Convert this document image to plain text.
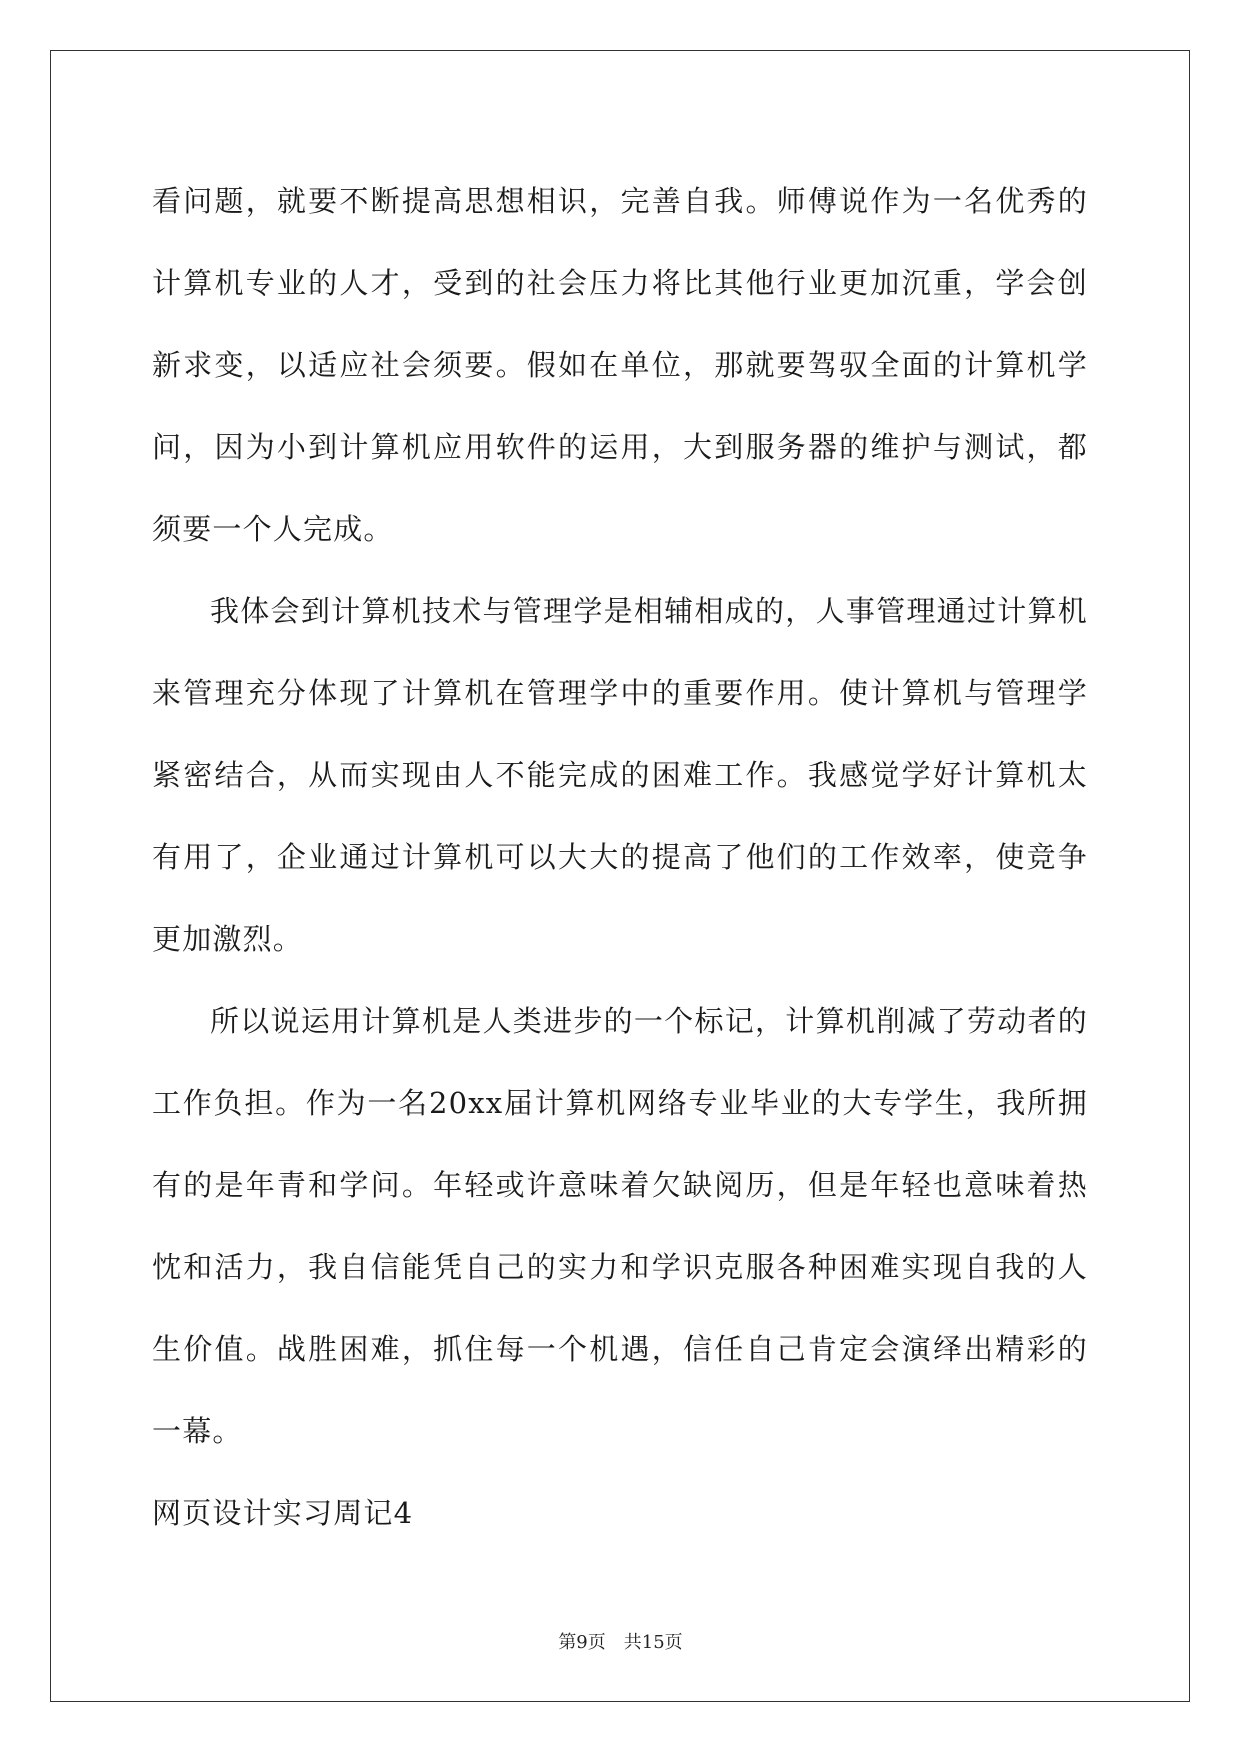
看问题，就要不断提高思想相识，完善自我。师傅说作为一名优秀的计算机专业的人才，受到的社会压力将比其他行业更加沉重，学会创新求变，以适应社会须要。假如在单位，那就要驾驭全面的计算机学问，因为小到计算机应用软件的运用，大到服务器的维护与测试，都须要一个人完成。

我体会到计算机技术与管理学是相辅相成的，人事管理通过计算机来管理充分体现了计算机在管理学中的重要作用。使计算机与管理学紧密结合，从而实现由人不能完成的困难工作。我感觉学好计算机太有用了，企业通过计算机可以大大的提高了他们的工作效率，使竞争更加激烈。

所以说运用计算机是人类进步的一个标记，计算机削减了劳动者的工作负担。作为一名20xx届计算机网络专业毕业的大专学生，我所拥有的是年青和学问。年轻或许意味着欠缺阅历，但是年轻也意味着热忱和活力，我自信能凭自己的实力和学识克服各种困难实现自我的人生价值。战胜困难，抓住每一个机遇，信任自己肯定会演绎出精彩的一幕。

网页设计实习周记4

第9页 共15页
